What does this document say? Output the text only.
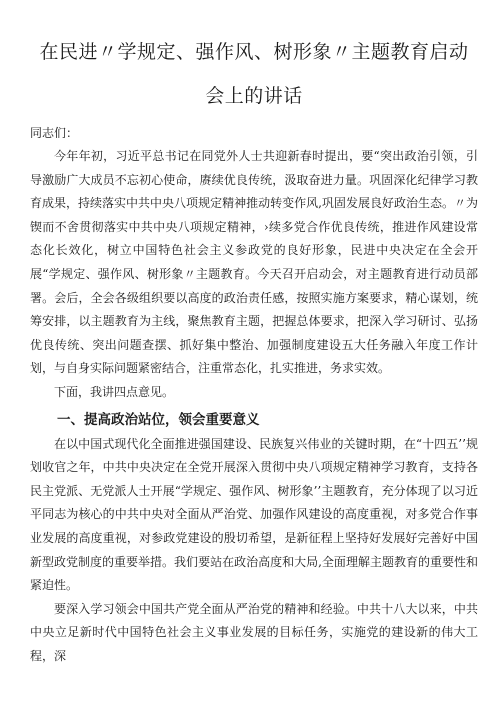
在民进〃学规定、强作风、树形象〃主题教育启动会上的讲话

同志们：

今年年初，习近平总书记在同党外人士共迎新春时提出，要“突出政治引领，引导激励广大成员不忘初心使命，赓续优良传统，汲取奋进力量。巩固深化纪律学习教育成果，持续落实中共中央八项规定精神推动转变作风,巩固发展良好政治生态。〃为锲而不舍贯彻落实中共中央八项规定精神，›续多党合作优良传统，推进作风建设常态化长效化，树立中国特色社会主义参政党的良好形象，民进中央决定在全会开展“学规定、强作风、树形象〃主题教育。今天召开启动会，对主题教育进行动员部署。会后，全会各级组织要以高度的政治责任感，按照实施方案要求，精心谋划，统筹安排，以主题教育为主线，聚焦教育主题，把握总体要求，把深入学习研讨、弘扬优良传统、突出问题查摆、抓好集中整治、加强制度建设五大任务融入年度工作计划，与自身实际问题紧密结合，注重常态化，扎实推进，务求实效。

下面，我讲四点意见。

一、提高政治站位，领会重要意义

在以中国式现代化全面推进强国建设、民族复兴伟业的关键时期，在“十四五’’规划收官之年，中共中央决定在全党开展深入贯彻中央八项规定精神学习教育，支持各民主党派、无党派人士开展“学规定、强作风、树形象’’主题教育，充分体现了以习近平同志为核心的中共中央对全面从严治党、加强作风建设的高度重视，对多党合作事业发展的高度重视，对参政党建设的殷切希望，是新征程上坚持好发展好完善好中国新型政党制度的重要举措。我们要站在政治高度和大局,全面理解主题教育的重要性和紧迫性。

要深入学习领会中国共产党全面从严治党的精神和经验。中共十八大以来，中共中央立足新时代中国特色社会主义事业发展的目标任务，实施党的建设新的伟大工程，深
